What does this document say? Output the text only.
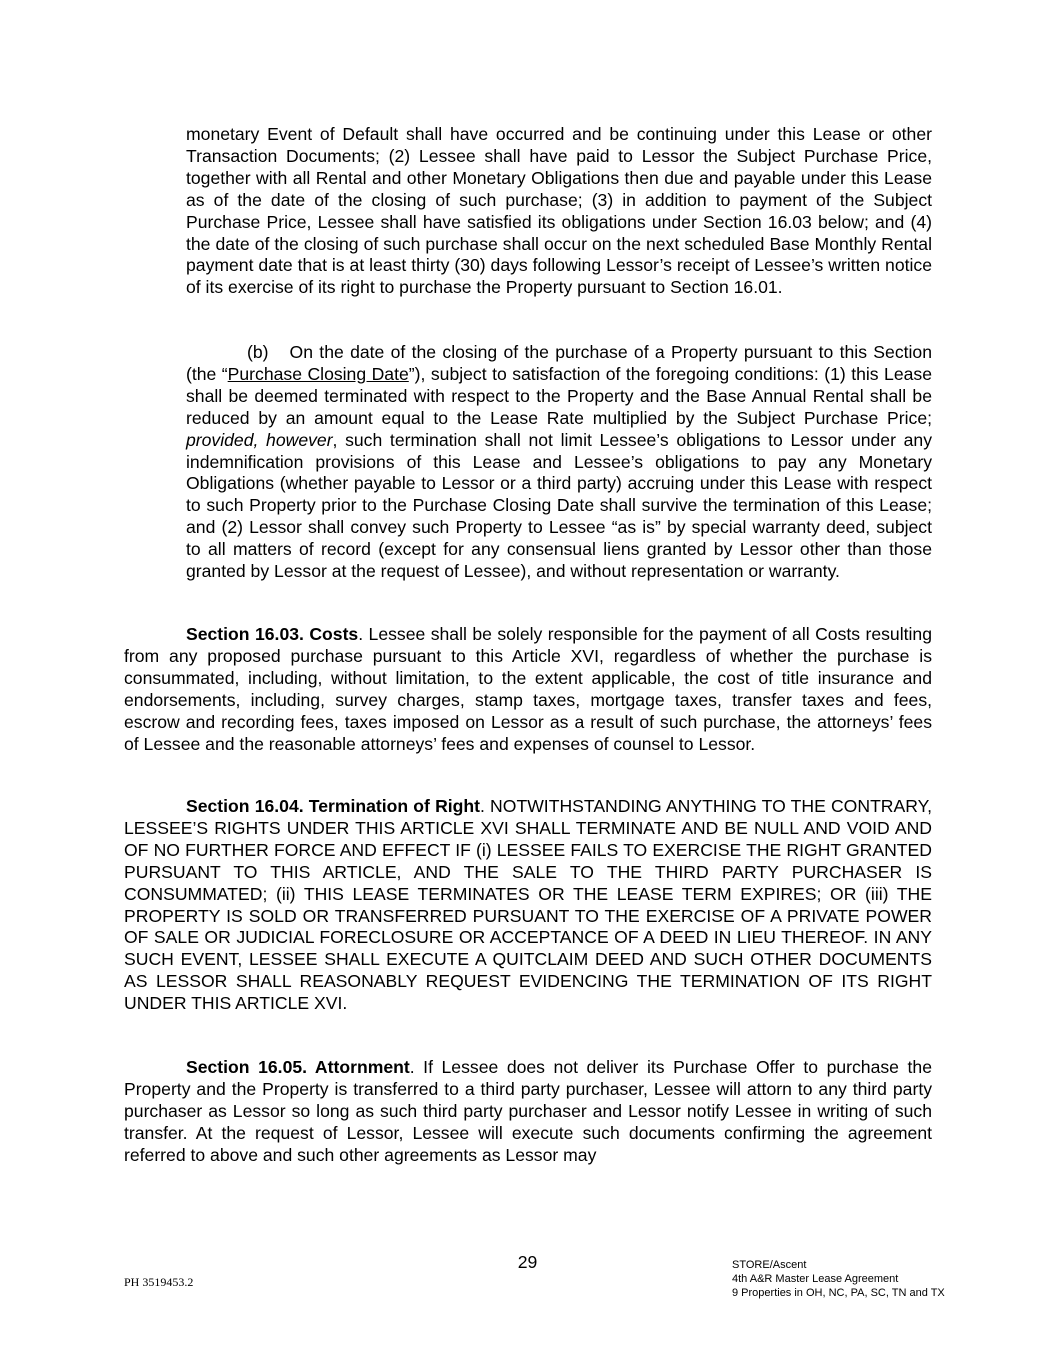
monetary Event of Default shall have occurred and be continuing under this Lease or other Transaction Documents; (2) Lessee shall have paid to Lessor the Subject Purchase Price, together with all Rental and other Monetary Obligations then due and payable under this Lease as of the date of the closing of such purchase; (3) in addition to payment of the Subject Purchase Price, Lessee shall have satisfied its obligations under Section 16.03 below; and (4) the date of the closing of such purchase shall occur on the next scheduled Base Monthly Rental payment date that is at least thirty (30) days following Lessor’s receipt of Lessee’s written notice of its exercise of its right to purchase the Property pursuant to Section 16.01.

(b) On the date of the closing of the purchase of a Property pursuant to this Section (the “Purchase Closing Date”), subject to satisfaction of the foregoing conditions: (1) this Lease shall be deemed terminated with respect to the Property and the Base Annual Rental shall be reduced by an amount equal to the Lease Rate multiplied by the Subject Purchase Price; provided, however, such termination shall not limit Lessee’s obligations to Lessor under any indemnification provisions of this Lease and Lessee’s obligations to pay any Monetary Obligations (whether payable to Lessor or a third party) accruing under this Lease with respect to such Property prior to the Purchase Closing Date shall survive the termination of this Lease; and (2) Lessor shall convey such Property to Lessee “as is” by special warranty deed, subject to all matters of record (except for any consensual liens granted by Lessor other than those granted by Lessor at the request of Lessee), and without representation or warranty.

Section 16.03. Costs. Lessee shall be solely responsible for the payment of all Costs resulting from any proposed purchase pursuant to this Article XVI, regardless of whether the purchase is consummated, including, without limitation, to the extent applicable, the cost of title insurance and endorsements, including, survey charges, stamp taxes, mortgage taxes, transfer taxes and fees, escrow and recording fees, taxes imposed on Lessor as a result of such purchase, the attorneys’ fees of Lessee and the reasonable attorneys’ fees and expenses of counsel to Lessor.

Section 16.04. Termination of Right. NOTWITHSTANDING ANYTHING TO THE CONTRARY, LESSEE’S RIGHTS UNDER THIS ARTICLE XVI SHALL TERMINATE AND BE NULL AND VOID AND OF NO FURTHER FORCE AND EFFECT IF (i) LESSEE FAILS TO EXERCISE THE RIGHT GRANTED PURSUANT TO THIS ARTICLE, AND THE SALE TO THE THIRD PARTY PURCHASER IS CONSUMMATED; (ii) THIS LEASE TERMINATES OR THE LEASE TERM EXPIRES; OR (iii) THE PROPERTY IS SOLD OR TRANSFERRED PURSUANT TO THE EXERCISE OF A PRIVATE POWER OF SALE OR JUDICIAL FORECLOSURE OR ACCEPTANCE OF A DEED IN LIEU THEREOF. IN ANY SUCH EVENT, LESSEE SHALL EXECUTE A QUITCLAIM DEED AND SUCH OTHER DOCUMENTS AS LESSOR SHALL REASONABLY REQUEST EVIDENCING THE TERMINATION OF ITS RIGHT UNDER THIS ARTICLE XVI.

Section 16.05. Attornment. If Lessee does not deliver its Purchase Offer to purchase the Property and the Property is transferred to a third party purchaser, Lessee will attorn to any third party purchaser as Lessor so long as such third party purchaser and Lessor notify Lessee in writing of such transfer. At the request of Lessor, Lessee will execute such documents confirming the agreement referred to above and such other agreements as Lessor may

29
PH 3519453.2
STORE/Ascent
4th A&R Master Lease Agreement
9 Properties in OH, NC, PA, SC, TN and TX
